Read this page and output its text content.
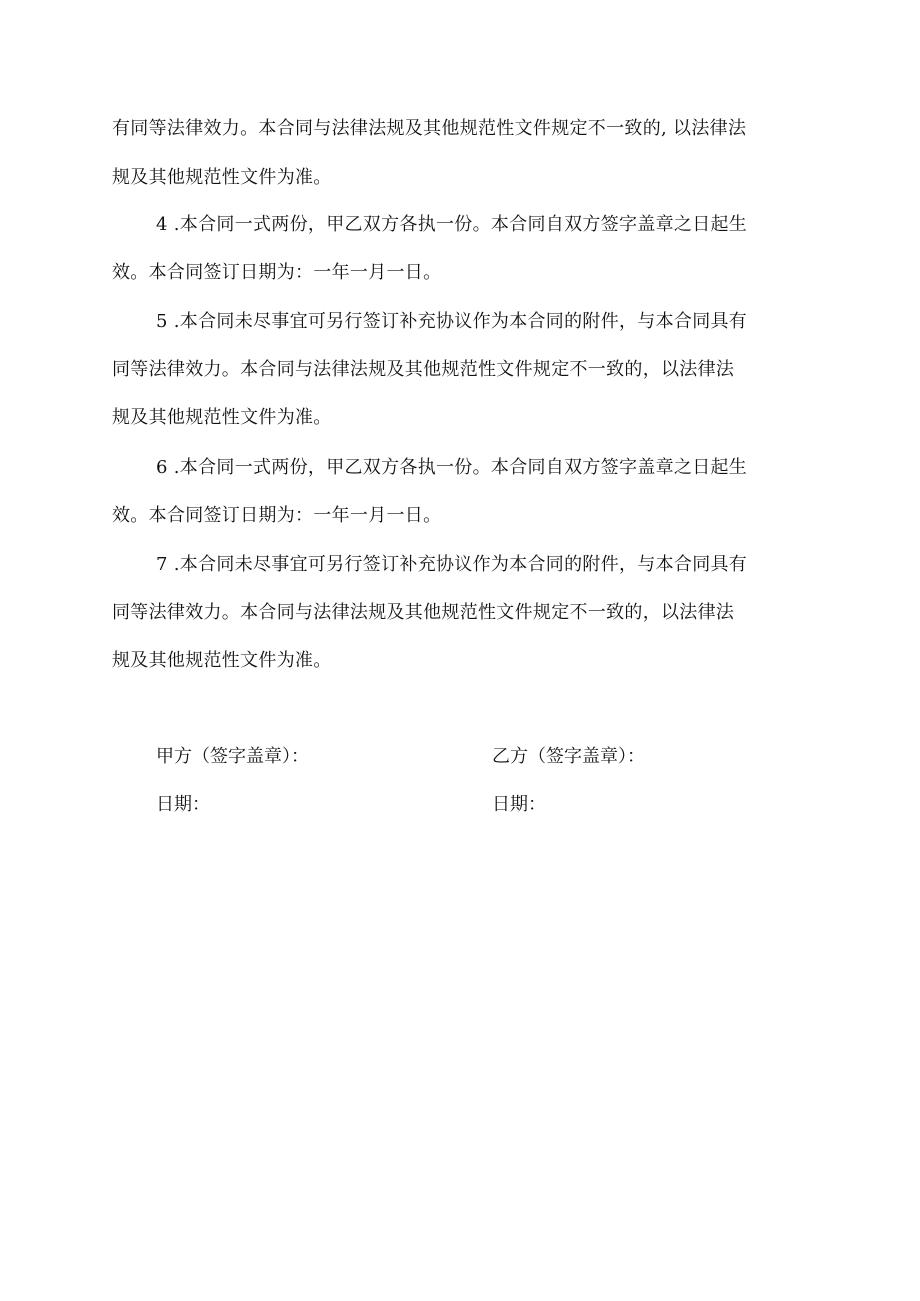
有同等法律效力。本合同与法律法规及其他规范性文件规定不一致的, 以法律法
规及其他规范性文件为准。
4 .本合同一式两份，甲乙双方各执一份。本合同自双方签字盖章之日起生
效。本合同签订日期为：一年一月一日。
5 .本合同未尽事宜可另行签订补充协议作为本合同的附件，与本合同具有
同等法律效力。本合同与法律法规及其他规范性文件规定不一致的，以法律法
规及其他规范性文件为准。
6 .本合同一式两份，甲乙双方各执一份。本合同自双方签字盖章之日起生
效。本合同签订日期为：一年一月一日。
7 .本合同未尽事宜可另行签订补充协议作为本合同的附件，与本合同具有
同等法律效力。本合同与法律法规及其他规范性文件规定不一致的，以法律法
规及其他规范性文件为准。
甲方（签字盖章）：	乙方（签字盖章）：
日期：	日期：
